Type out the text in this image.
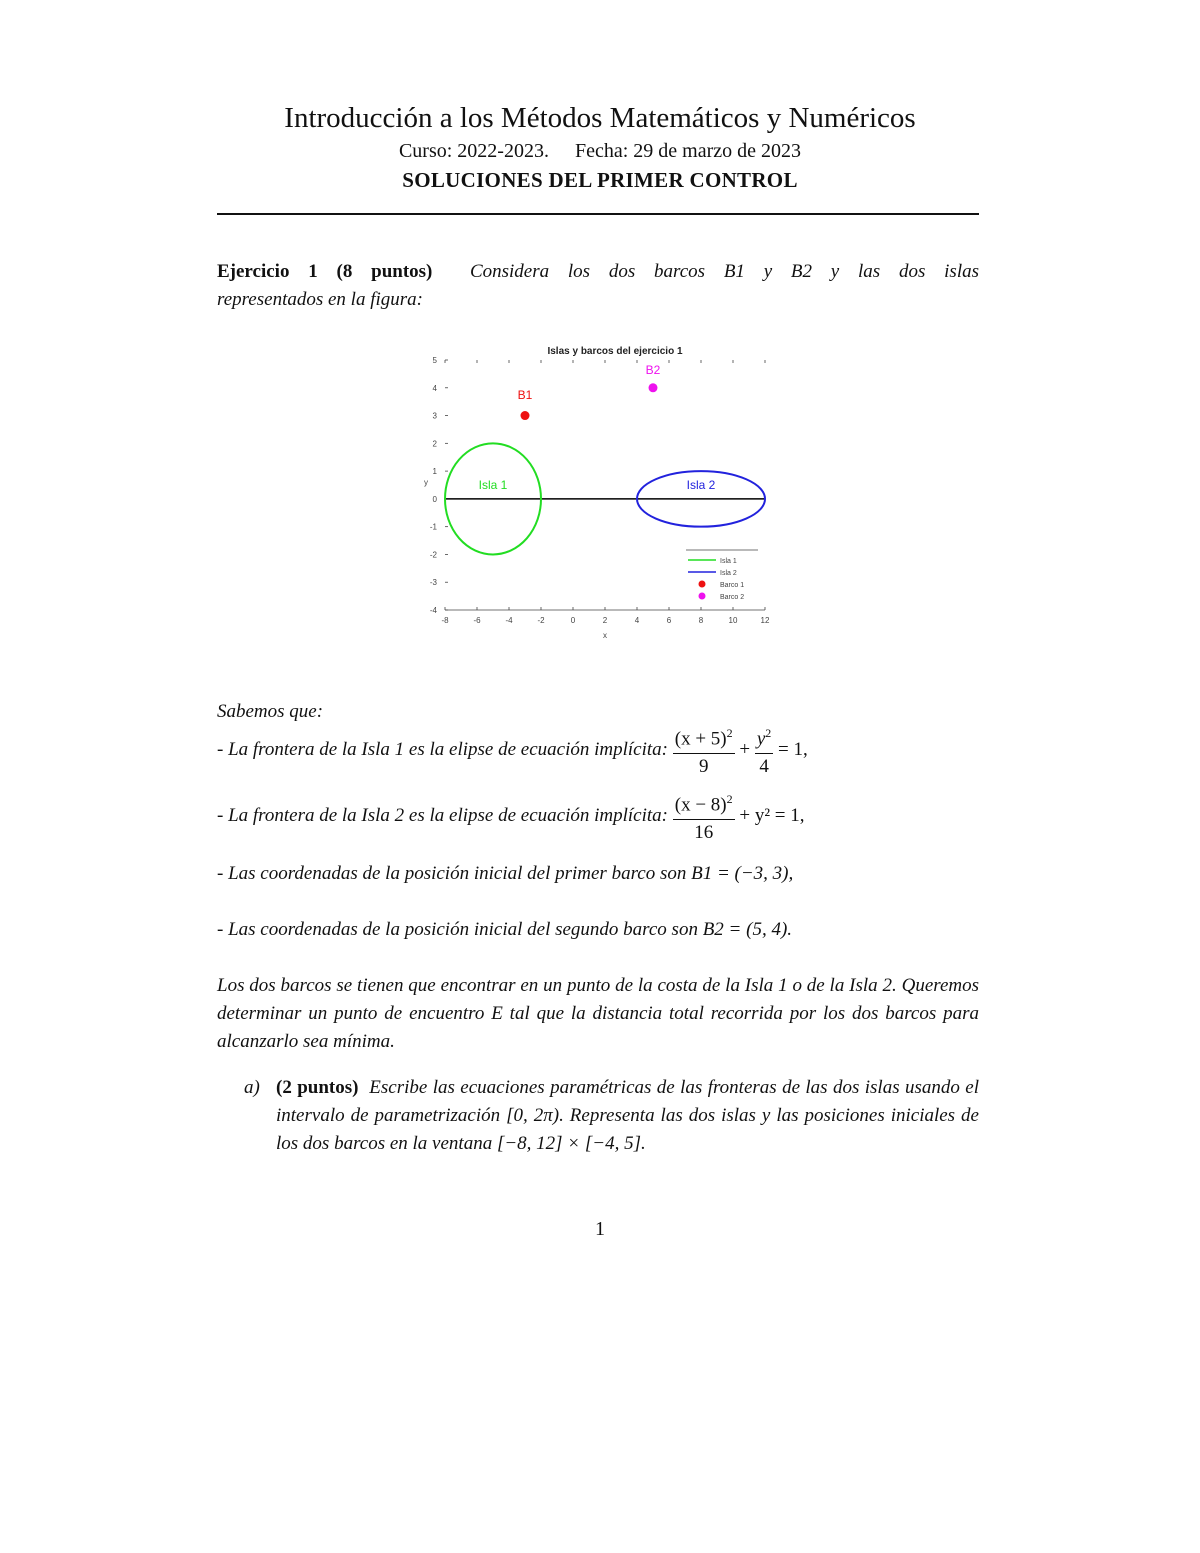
Introducción a los Métodos Matemáticos y Numéricos
Curso: 2022-2023. Fecha: 29 de marzo de 2023
SOLUCIONES DEL PRIMER CONTROL
Ejercicio 1 (8 puntos) Considera los dos barcos B1 y B2 y las dos islas
representados en la figura:
Islas y barcos del ejercicio 1
-8	-6	-4	-2	0	2	4	6	8	10	12
-4
-3
-2
-1
0
1
2
3
4
5
x
y	Isla 1	Isla 2
B1
B2
Isla 1
Isla 2
Barco 1
Barco 2
Sabemos que:
- La frontera de la Isla 1 es la elipse de ecuación implícita:
$\frac{(x + 5)^2}{9} + \frac{y^2}{4}$
= 1,
- La frontera de la Isla 2 es la elipse de ecuación implícita:
$\frac{(x - 8)^2}{16}$
+ y² = 1,
- Las coordenadas de la posición inicial del primer barco son B1 = (−3, 3),
- Las coordenadas de la posición inicial del segundo barco son B2 = (5, 4).
Los dos barcos se tienen que encontrar en un punto de la costa de la Isla 1 o de la Isla 2. Queremos determinar un punto de encuentro E tal que la distancia total recorrida por los dos barcos para alcanzarlo sea mínima.
a) (2 puntos) Escribe las ecuaciones paramétricas de las fronteras de las dos islas usando el intervalo de parametrización [0, 2π). Representa las dos islas y las posiciones iniciales de los dos barcos en la ventana [−8, 12] × [−4, 5].
1
